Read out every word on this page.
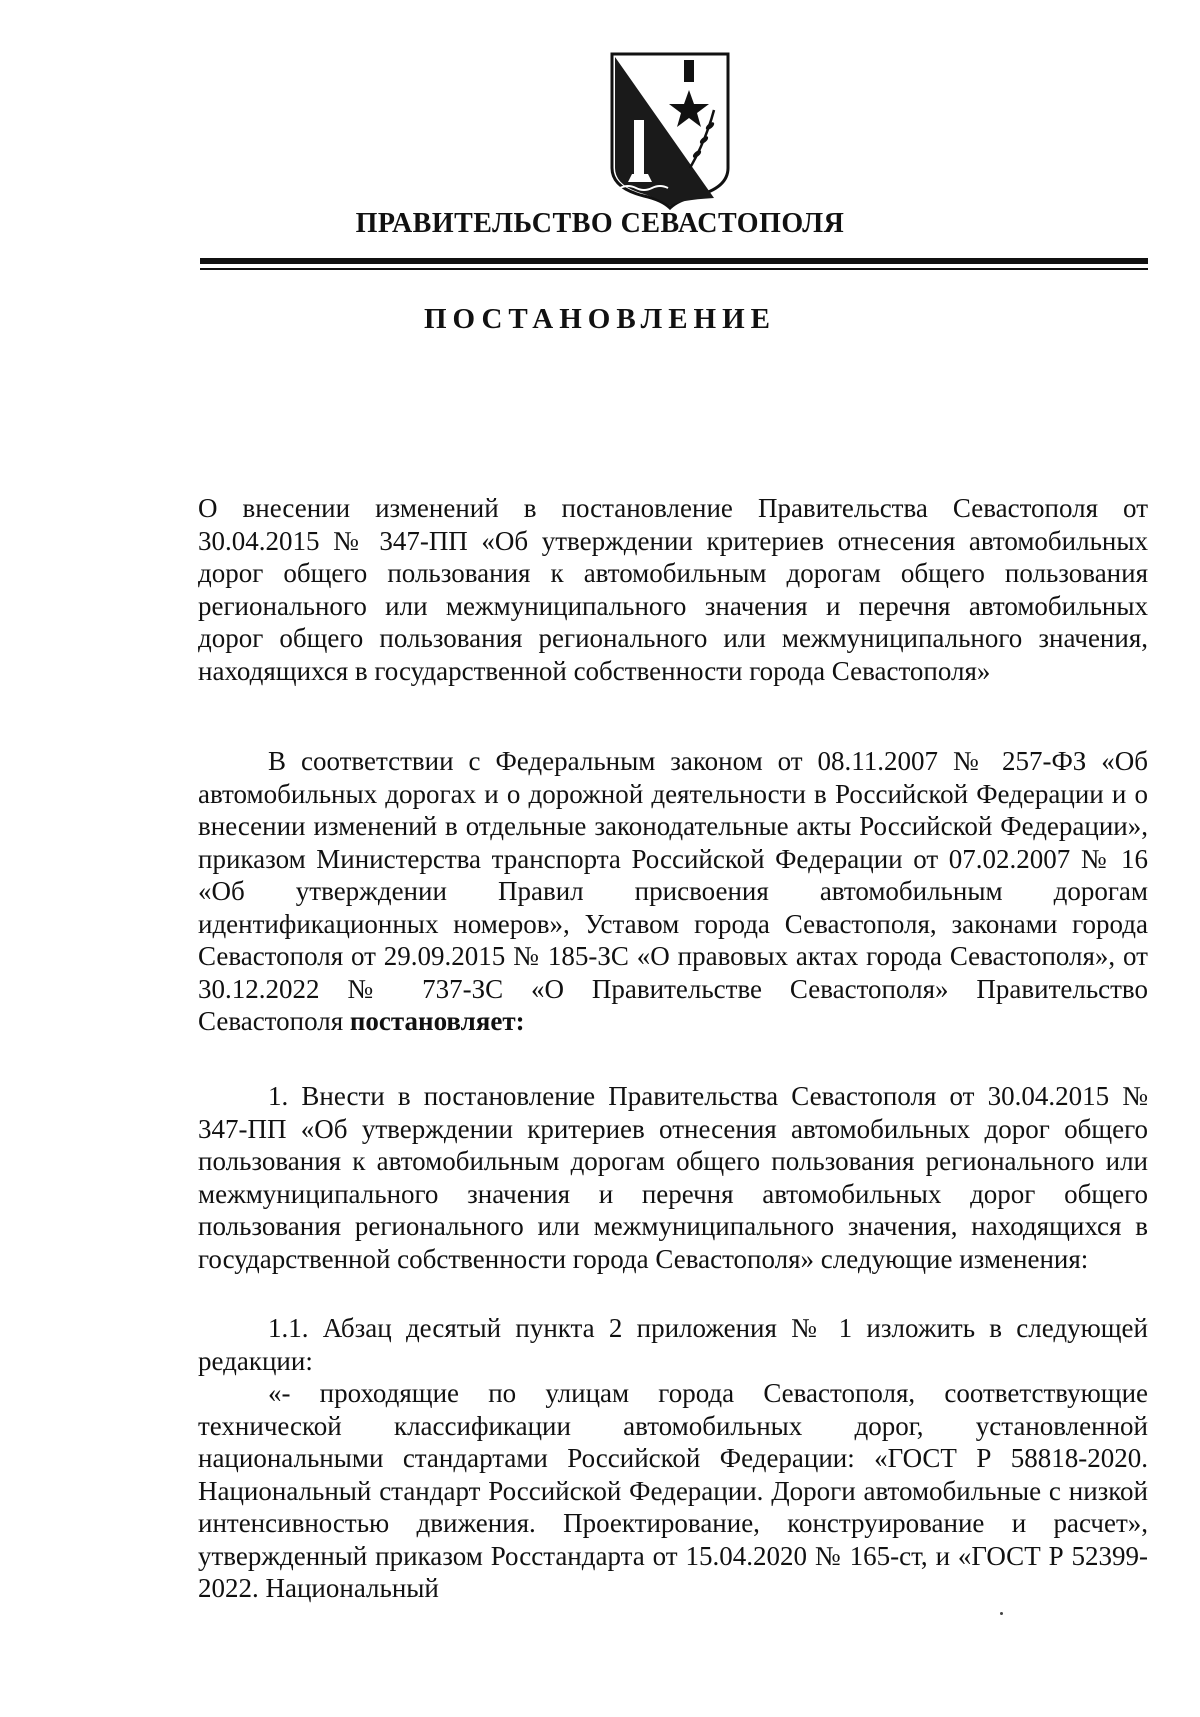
ПРАВИТЕЛЬСТВО СЕВАСТОПОЛЯ
ПОСТАНОВЛЕНИЕ

О внесении изменений в постановление Правительства Севастополя от 30.04.2015 № 347-ПП «Об утверждении критериев отнесения автомобильных дорог общего пользования к автомобильным дорогам общего пользования регионального или межмуниципального значения и перечня автомобильных дорог общего пользования регионального или межмуниципального значения, находящихся в государственной собственности города Севастополя»

В соответствии с Федеральным законом от 08.11.2007 № 257-ФЗ «Об автомобильных дорогах и о дорожной деятельности в Российской Федерации и о внесении изменений в отдельные законодательные акты Российской Федерации», приказом Министерства транспорта Российской Федерации от 07.02.2007 № 16 «Об утверждении Правил присвоения автомобильным дорогам идентификационных номеров», Уставом города Севастополя, законами города Севастополя от 29.09.2015 № 185-ЗС «О правовых актах города Севастополя», от 30.12.2022 № 737-ЗС «О Правительстве Севастополя» Правительство Севастополя постановляет:

1. Внести в постановление Правительства Севастополя от 30.04.2015 № 347-ПП «Об утверждении критериев отнесения автомобильных дорог общего пользования к автомобильным дорогам общего пользования регионального или межмуниципального значения и перечня автомобильных дорог общего пользования регионального или межмуниципального значения, находящихся в государственной собственности города Севастополя» следующие изменения:

1.1. Абзац десятый пункта 2 приложения № 1 изложить в следующей редакции:

«- проходящие по улицам города Севастополя, соответствующие технической классификации автомобильных дорог, установленной национальными стандартами Российской Федерации: «ГОСТ Р 58818-2020. Национальный стандарт Российской Федерации. Дороги автомобильные с низкой интенсивностью движения. Проектирование, конструирование и расчет», утвержденный приказом Росстандарта от 15.04.2020 № 165-ст, и «ГОСТ Р 52399-2022. Национальный
